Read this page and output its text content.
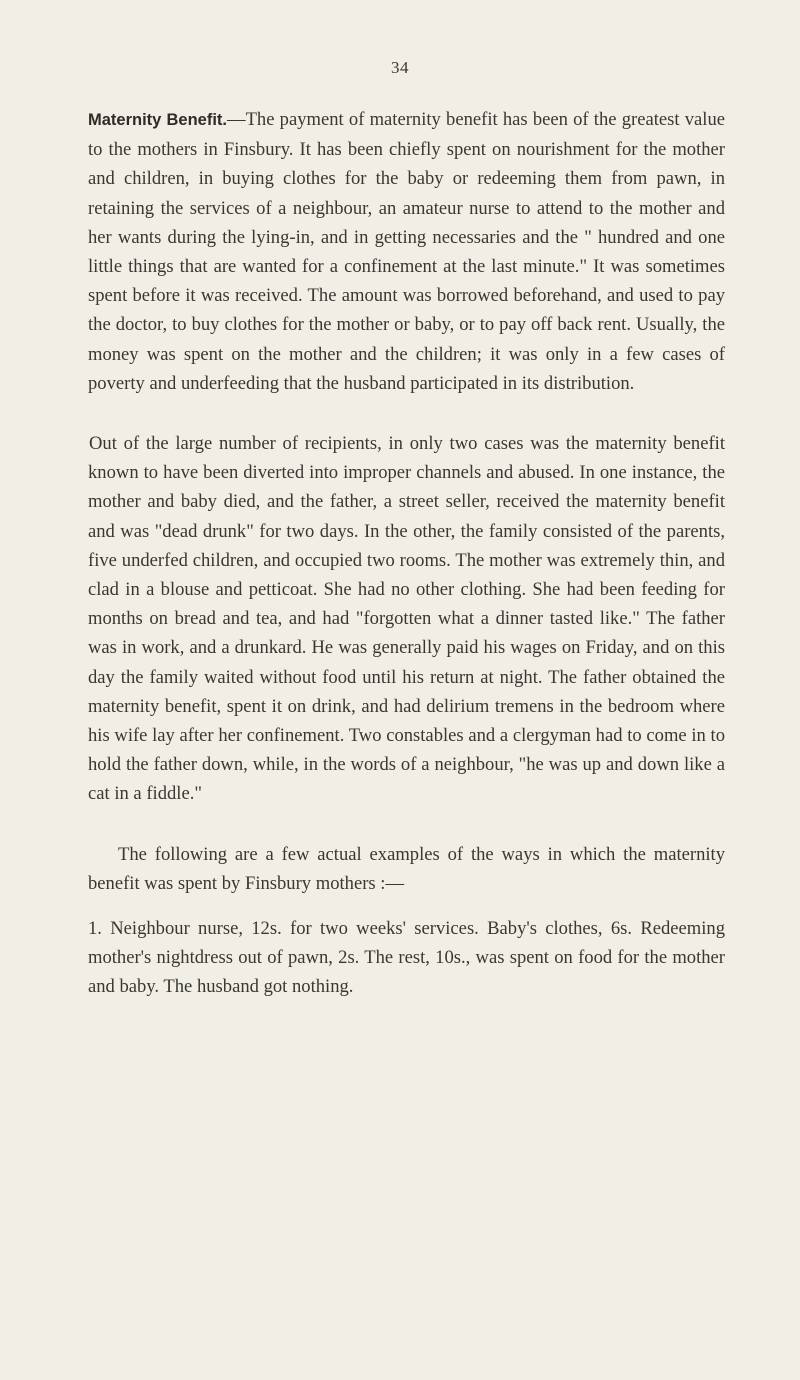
34

Maternity Benefit.—The payment of maternity benefit has been of the greatest value to the mothers in Finsbury. It has been chiefly spent on nourishment for the mother and children, in buying clothes for the baby or redeeming them from pawn, in retaining the services of a neighbour, an amateur nurse to attend to the mother and her wants during the lying-in, and in getting necessaries and the " hundred and one little things that are wanted for a confinement at the last minute." It was sometimes spent before it was received. The amount was borrowed beforehand, and used to pay the doctor, to buy clothes for the mother or baby, or to pay off back rent. Usually, the money was spent on the mother and the children; it was only in a few cases of poverty and underfeeding that the husband participated in its distribution.

Out of the large number of recipients, in only two cases was the maternity benefit known to have been diverted into improper channels and abused. In one instance, the mother and baby died, and the father, a street seller, received the maternity benefit and was "dead drunk" for two days. In the other, the family consisted of the parents, five underfed children, and occupied two rooms. The mother was extremely thin, and clad in a blouse and petticoat. She had no other clothing. She had been feeding for months on bread and tea, and had "forgotten what a dinner tasted like." The father was in work, and a drunkard. He was generally paid his wages on Friday, and on this day the family waited without food until his return at night. The father obtained the maternity benefit, spent it on drink, and had delirium tremens in the bedroom where his wife lay after her confinement. Two constables and a clergyman had to come in to hold the father down, while, in the words of a neighbour, "he was up and down like a cat in a fiddle."

The following are a few actual examples of the ways in which the maternity benefit was spent by Finsbury mothers :—

1. Neighbour nurse, 12s. for two weeks' services. Baby's clothes, 6s. Redeeming mother's nightdress out of pawn, 2s. The rest, 10s., was spent on food for the mother and baby. The husband got nothing.
